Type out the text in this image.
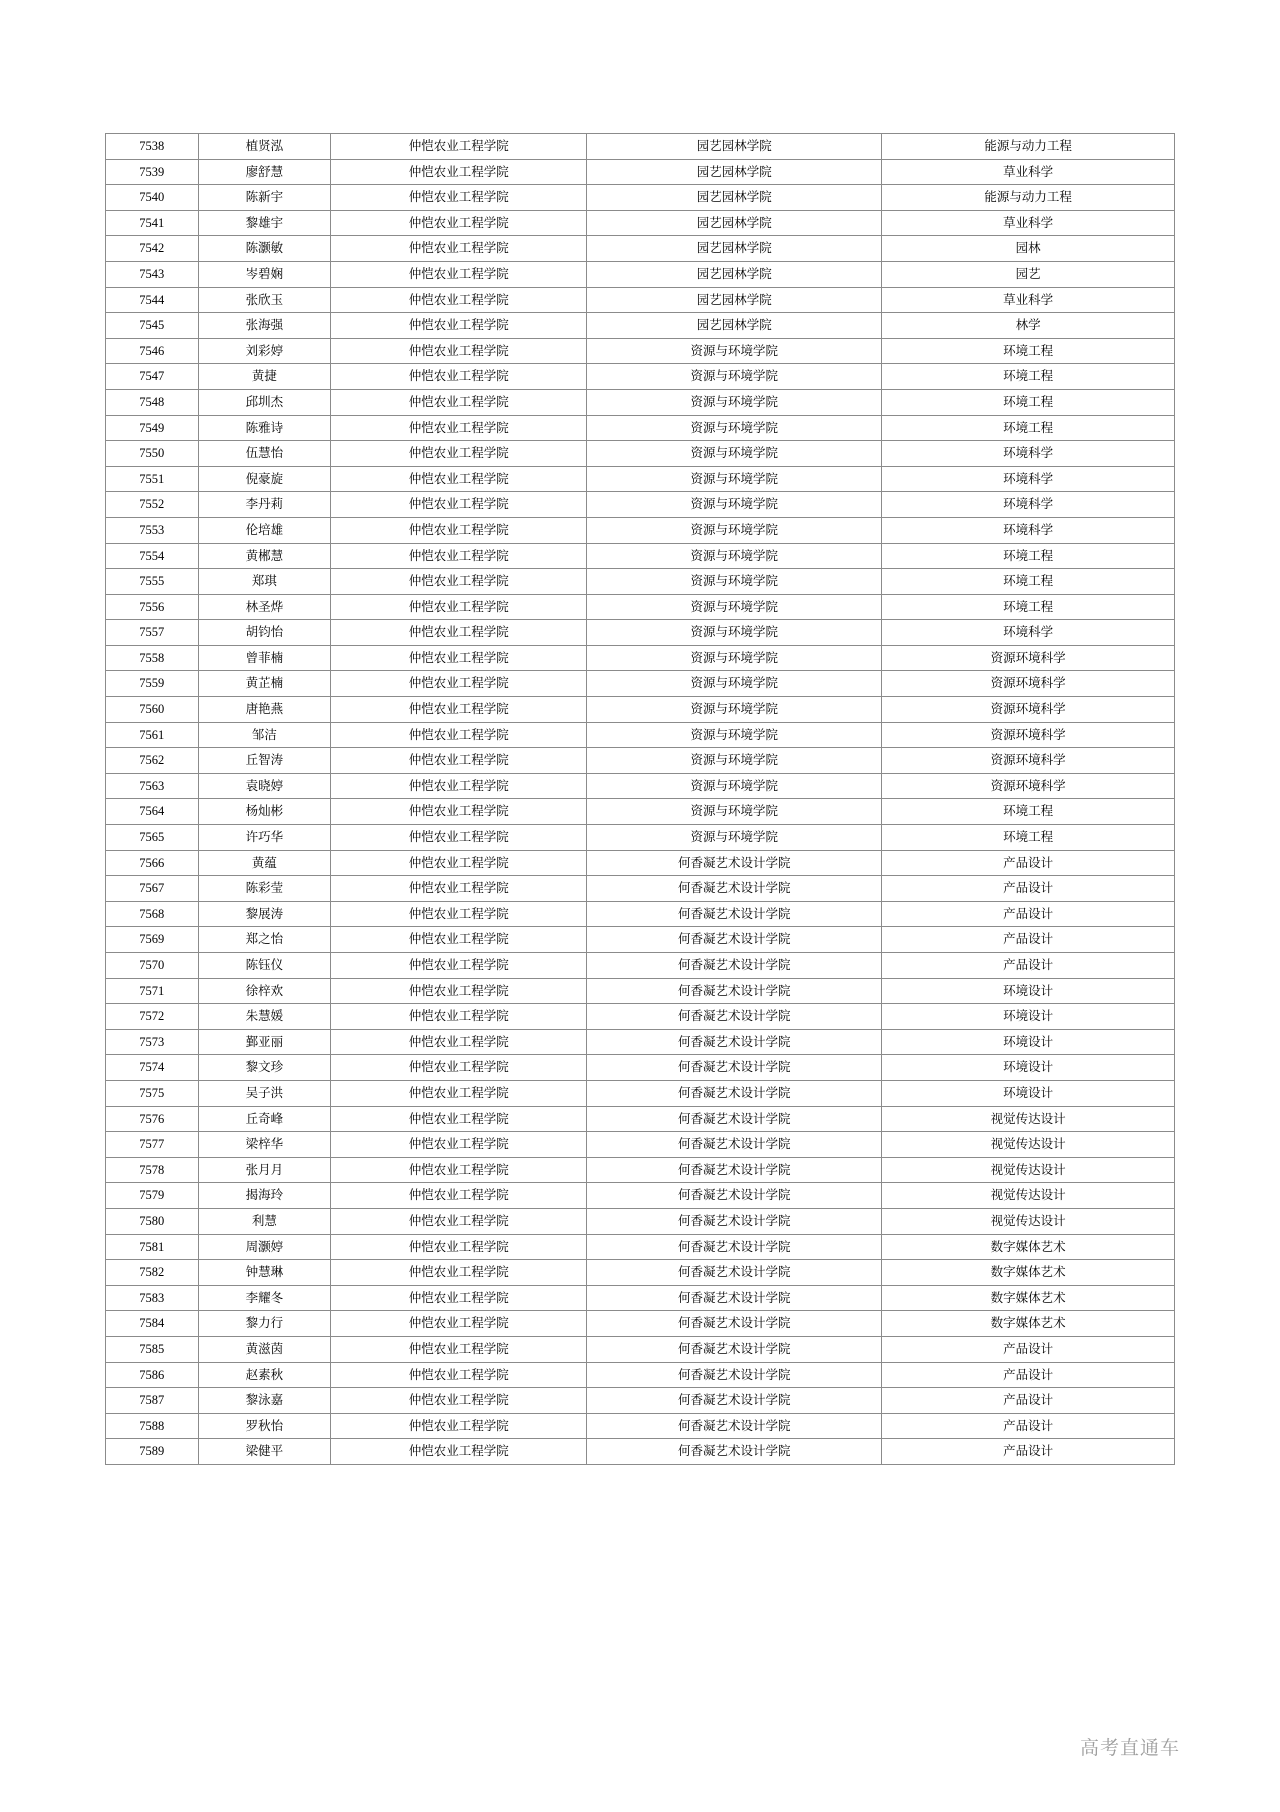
7538	植贤泓	仲恺农业工程学院	园艺园林学院	能源与动力工程
7539	廖舒慧	仲恺农业工程学院	园艺园林学院	草业科学
7540	陈新宇	仲恺农业工程学院	园艺园林学院	能源与动力工程
7541	黎雄宇	仲恺农业工程学院	园艺园林学院	草业科学
7542	陈灏敏	仲恺农业工程学院	园艺园林学院	园林
7543	岑碧娴	仲恺农业工程学院	园艺园林学院	园艺
7544	张欣玉	仲恺农业工程学院	园艺园林学院	草业科学
7545	张海强	仲恺农业工程学院	园艺园林学院	林学
7546	刘彩婷	仲恺农业工程学院	资源与环境学院	环境工程
7547	黄捷	仲恺农业工程学院	资源与环境学院	环境工程
7548	邱圳杰	仲恺农业工程学院	资源与环境学院	环境工程
7549	陈雅诗	仲恺农业工程学院	资源与环境学院	环境工程
7550	伍慧怡	仲恺农业工程学院	资源与环境学院	环境科学
7551	倪豪旋	仲恺农业工程学院	资源与环境学院	环境科学
7552	李丹莉	仲恺农业工程学院	资源与环境学院	环境科学
7553	伦培雄	仲恺农业工程学院	资源与环境学院	环境科学
7554	黄郴慧	仲恺农业工程学院	资源与环境学院	环境工程
7555	郑琪	仲恺农业工程学院	资源与环境学院	环境工程
7556	林圣烨	仲恺农业工程学院	资源与环境学院	环境工程
7557	胡钧怡	仲恺农业工程学院	资源与环境学院	环境科学
7558	曾菲楠	仲恺农业工程学院	资源与环境学院	资源环境科学
7559	黄芷楠	仲恺农业工程学院	资源与环境学院	资源环境科学
7560	唐艳燕	仲恺农业工程学院	资源与环境学院	资源环境科学
7561	邹洁	仲恺农业工程学院	资源与环境学院	资源环境科学
7562	丘智涛	仲恺农业工程学院	资源与环境学院	资源环境科学
7563	袁晓婷	仲恺农业工程学院	资源与环境学院	资源环境科学
7564	杨灿彬	仲恺农业工程学院	资源与环境学院	环境工程
7565	许巧华	仲恺农业工程学院	资源与环境学院	环境工程
7566	黄蕴	仲恺农业工程学院	何香凝艺术设计学院	产品设计
7567	陈彩莹	仲恺农业工程学院	何香凝艺术设计学院	产品设计
7568	黎展涛	仲恺农业工程学院	何香凝艺术设计学院	产品设计
7569	郑之怡	仲恺农业工程学院	何香凝艺术设计学院	产品设计
7570	陈钰仪	仲恺农业工程学院	何香凝艺术设计学院	产品设计
7571	徐梓欢	仲恺农业工程学院	何香凝艺术设计学院	环境设计
7572	朱慧媛	仲恺农业工程学院	何香凝艺术设计学院	环境设计
7573	鄞亚丽	仲恺农业工程学院	何香凝艺术设计学院	环境设计
7574	黎文珍	仲恺农业工程学院	何香凝艺术设计学院	环境设计
7575	吴子洪	仲恺农业工程学院	何香凝艺术设计学院	环境设计
7576	丘奇峰	仲恺农业工程学院	何香凝艺术设计学院	视觉传达设计
7577	梁梓华	仲恺农业工程学院	何香凝艺术设计学院	视觉传达设计
7578	张月月	仲恺农业工程学院	何香凝艺术设计学院	视觉传达设计
7579	揭海玲	仲恺农业工程学院	何香凝艺术设计学院	视觉传达设计
7580	利慧	仲恺农业工程学院	何香凝艺术设计学院	视觉传达设计
7581	周灏婷	仲恺农业工程学院	何香凝艺术设计学院	数字媒体艺术
7582	钟慧琳	仲恺农业工程学院	何香凝艺术设计学院	数字媒体艺术
7583	李耀冬	仲恺农业工程学院	何香凝艺术设计学院	数字媒体艺术
7584	黎力行	仲恺农业工程学院	何香凝艺术设计学院	数字媒体艺术
7585	黄滋茵	仲恺农业工程学院	何香凝艺术设计学院	产品设计
7586	赵素秋	仲恺农业工程学院	何香凝艺术设计学院	产品设计
7587	黎泳嘉	仲恺农业工程学院	何香凝艺术设计学院	产品设计
7588	罗秋怡	仲恺农业工程学院	何香凝艺术设计学院	产品设计
7589	梁健平	仲恺农业工程学院	何香凝艺术设计学院	产品设计
高考直通车
